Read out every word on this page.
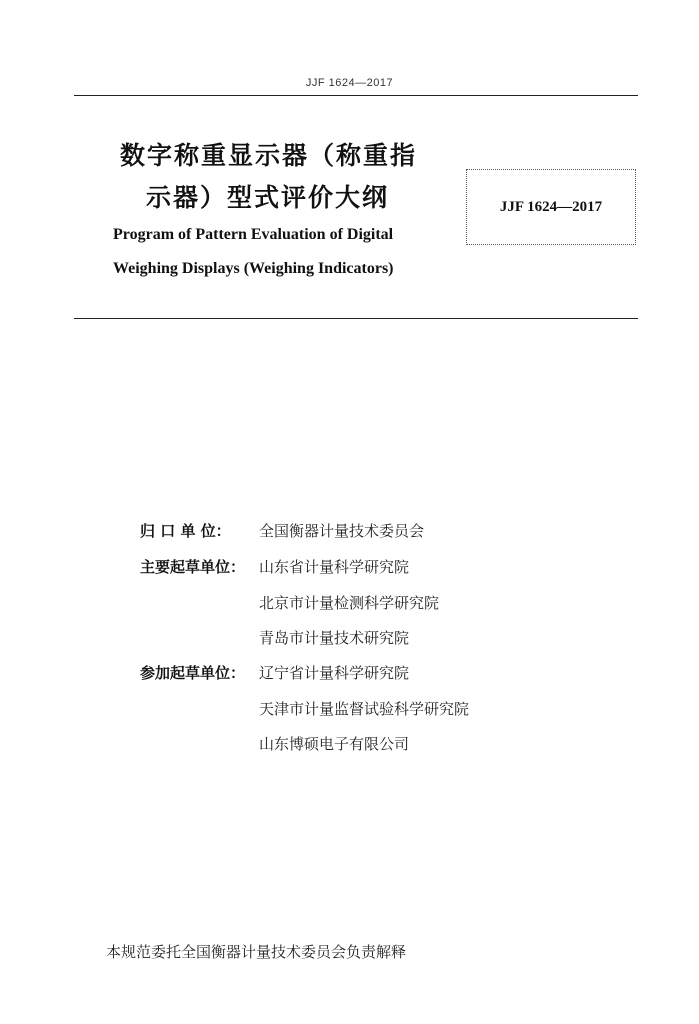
JJF 1624—2017
数字称重显示器（称重指
示器）型式评价大纲
Program of Pattern Evaluation of Digital
Weighing Displays (Weighing Indicators)
JJF 1624—2017
归 口 单 位： 全国衡器计量技术委员会
主要起草单位： 山东省计量科学研究院
北京市计量检测科学研究院
青岛市计量技术研究院
参加起草单位： 辽宁省计量科学研究院
天津市计量监督试验科学研究院
山东博硕电子有限公司
本规范委托全国衡器计量技术委员会负责解释
